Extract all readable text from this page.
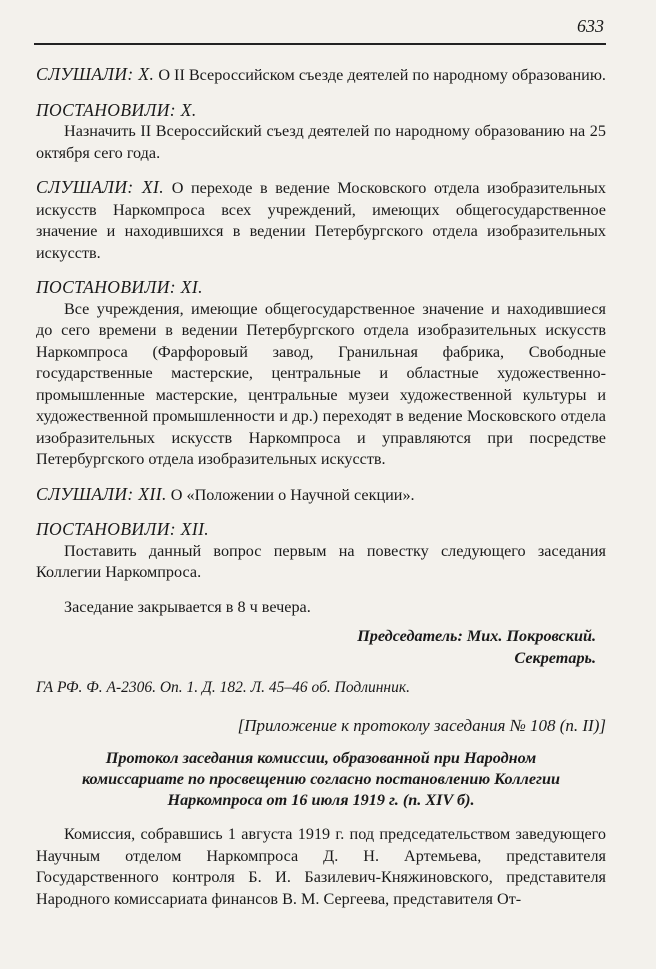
633

СЛУШАЛИ: X. О II Всероссийском съезде деятелей по народному образованию.

ПОСТАНОВИЛИ: X.

Назначить II Всероссийский съезд деятелей по народному образованию на 25 октября сего года.

СЛУШАЛИ: XI. О переходе в ведение Московского отдела изобразительных искусств Наркомпроса всех учреждений, имеющих общегосударственное значение и находившихся в ведении Петербургского отдела изобразительных искусств.

ПОСТАНОВИЛИ: XI.

Все учреждения, имеющие общегосударственное значение и находившиеся до сего времени в ведении Петербургского отдела изобразительных искусств Наркомпроса (Фарфоровый завод, Гранильная фабрика, Свободные государственные мастерские, центральные и областные художественно-промышленные мастерские, центральные музеи художественной культуры и художественной промышленности и др.) переходят в ведение Московского отдела изобразительных искусств Наркомпроса и управляются при посредстве Петербургского отдела изобразительных искусств.

СЛУШАЛИ: XII. О «Положении о Научной секции».

ПОСТАНОВИЛИ: XII.

Поставить данный вопрос первым на повестку следующего заседания Коллегии Наркомпроса.

Заседание закрывается в 8 ч вечера.

Председатель: Мих. Покровский.

Секретарь.

ГА РФ. Ф. А-2306. Оп. 1. Д. 182. Л. 45–46 об. Подлинник.

[Приложение к протоколу заседания № 108 (п. II)]

Протокол заседания комиссии, образованной при Народном комиссариате по просвещению согласно постановлению Коллегии Наркомпроса от 16 июля 1919 г. (п. XIV б).

Комиссия, собравшись 1 августа 1919 г. под председательством заведующего Научным отделом Наркомпроса Д. Н. Артемьева, представителя Государственного контроля Б. И. Базилевич-Княжиновского, представителя Народного комиссариата финансов В. М. Сергеева, представителя От-
